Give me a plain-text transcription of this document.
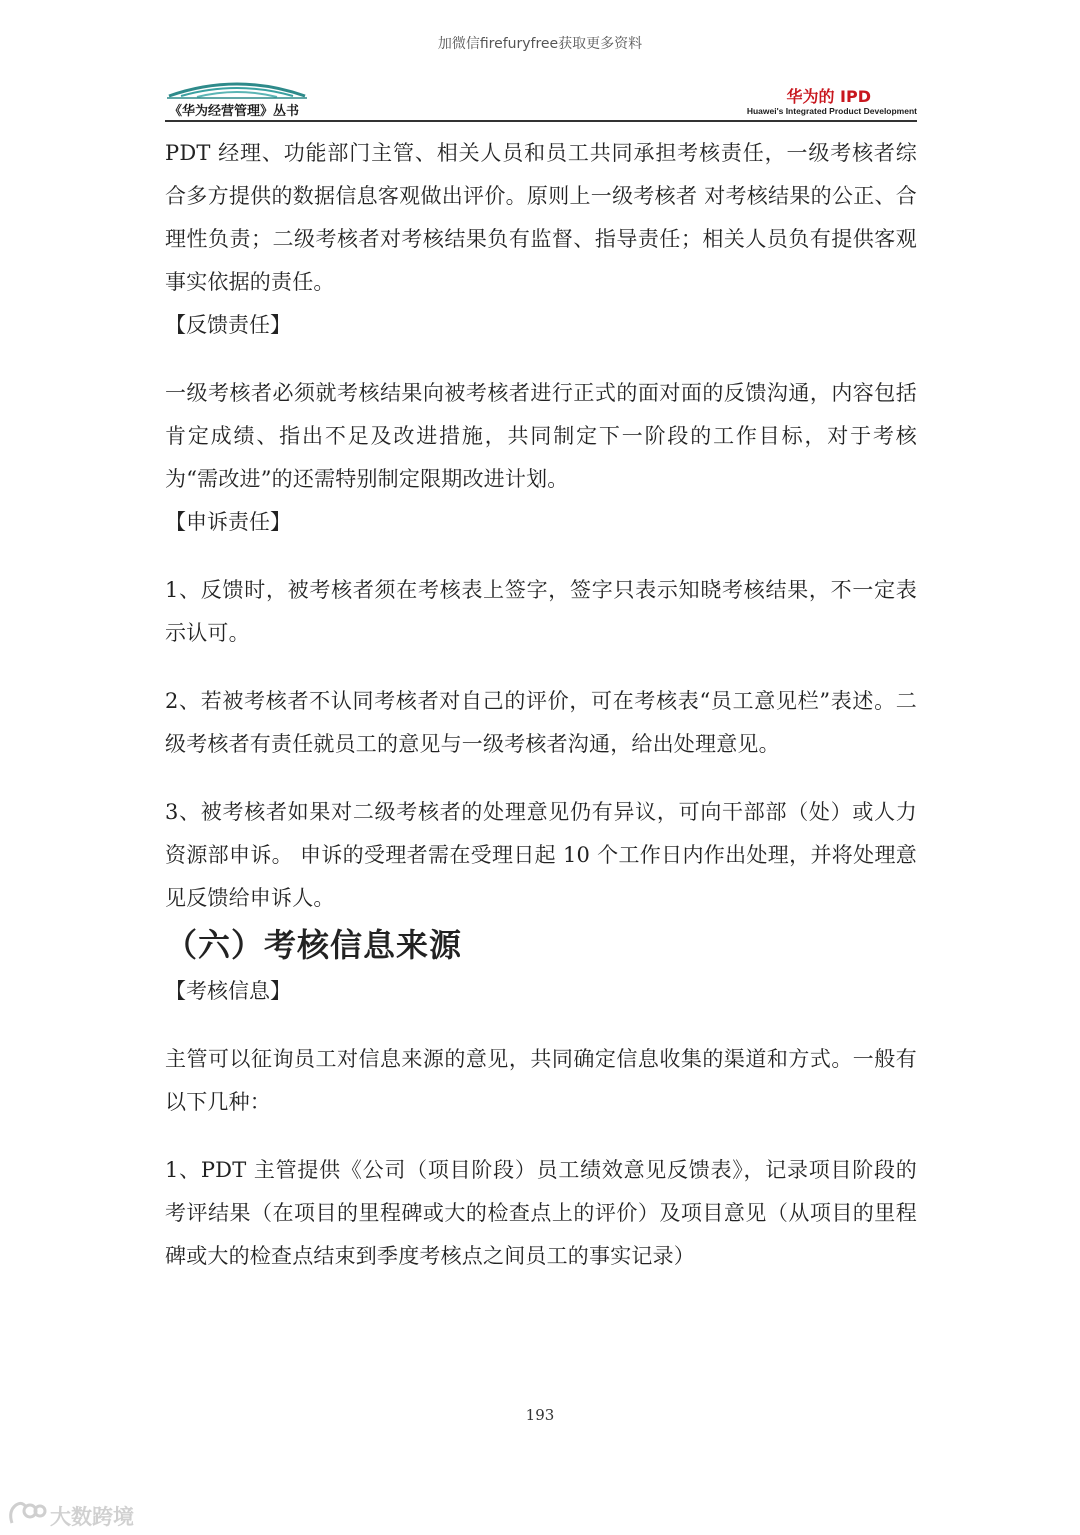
加微信firefuryfree获取更多资料
《华为经营管理》丛书
华为的 IPD
Huawei's Integrated Product Development

PDT 经理、功能部门主管、相关人员和员工共同承担考核责任，一级考核者综合多方提供的数据信息客观做出评价。原则上一级考核者 对考核结果的公正、合理性负责；二级考核者对考核结果负有监督、指导责任；相关人员负有提供客观事实依据的责任。

【反馈责任】

一级考核者必须就考核结果向被考核者进行正式的面对面的反馈沟通，内容包括肯定成绩、指出不足及改进措施，共同制定下一阶段的工作目标，对于考核为“需改进”的还需特别制定限期改进计划。

【申诉责任】

1、反馈时，被考核者须在考核表上签字，签字只表示知晓考核结果，不一定表示认可。

2、若被考核者不认同考核者对自己的评价，可在考核表“员工意见栏”表述。二级考核者有责任就员工的意见与一级考核者沟通，给出处理意见。

3、被考核者如果对二级考核者的处理意见仍有异议，可向干部部（处）或人力资源部申诉。 申诉的受理者需在受理日起 10 个工作日内作出处理，并将处理意见反馈给申诉人。

（六）考核信息来源

【考核信息】

主管可以征询员工对信息来源的意见，共同确定信息收集的渠道和方式。一般有以下几种：

1、PDT 主管提供《公司（项目阶段）员工绩效意见反馈表》，记录项目阶段的考评结果（在项目的里程碑或大的检查点上的评价）及项目意见（从项目的里程碑或大的检查点结束到季度考核点之间员工的事实记录）

193
大数跨境
